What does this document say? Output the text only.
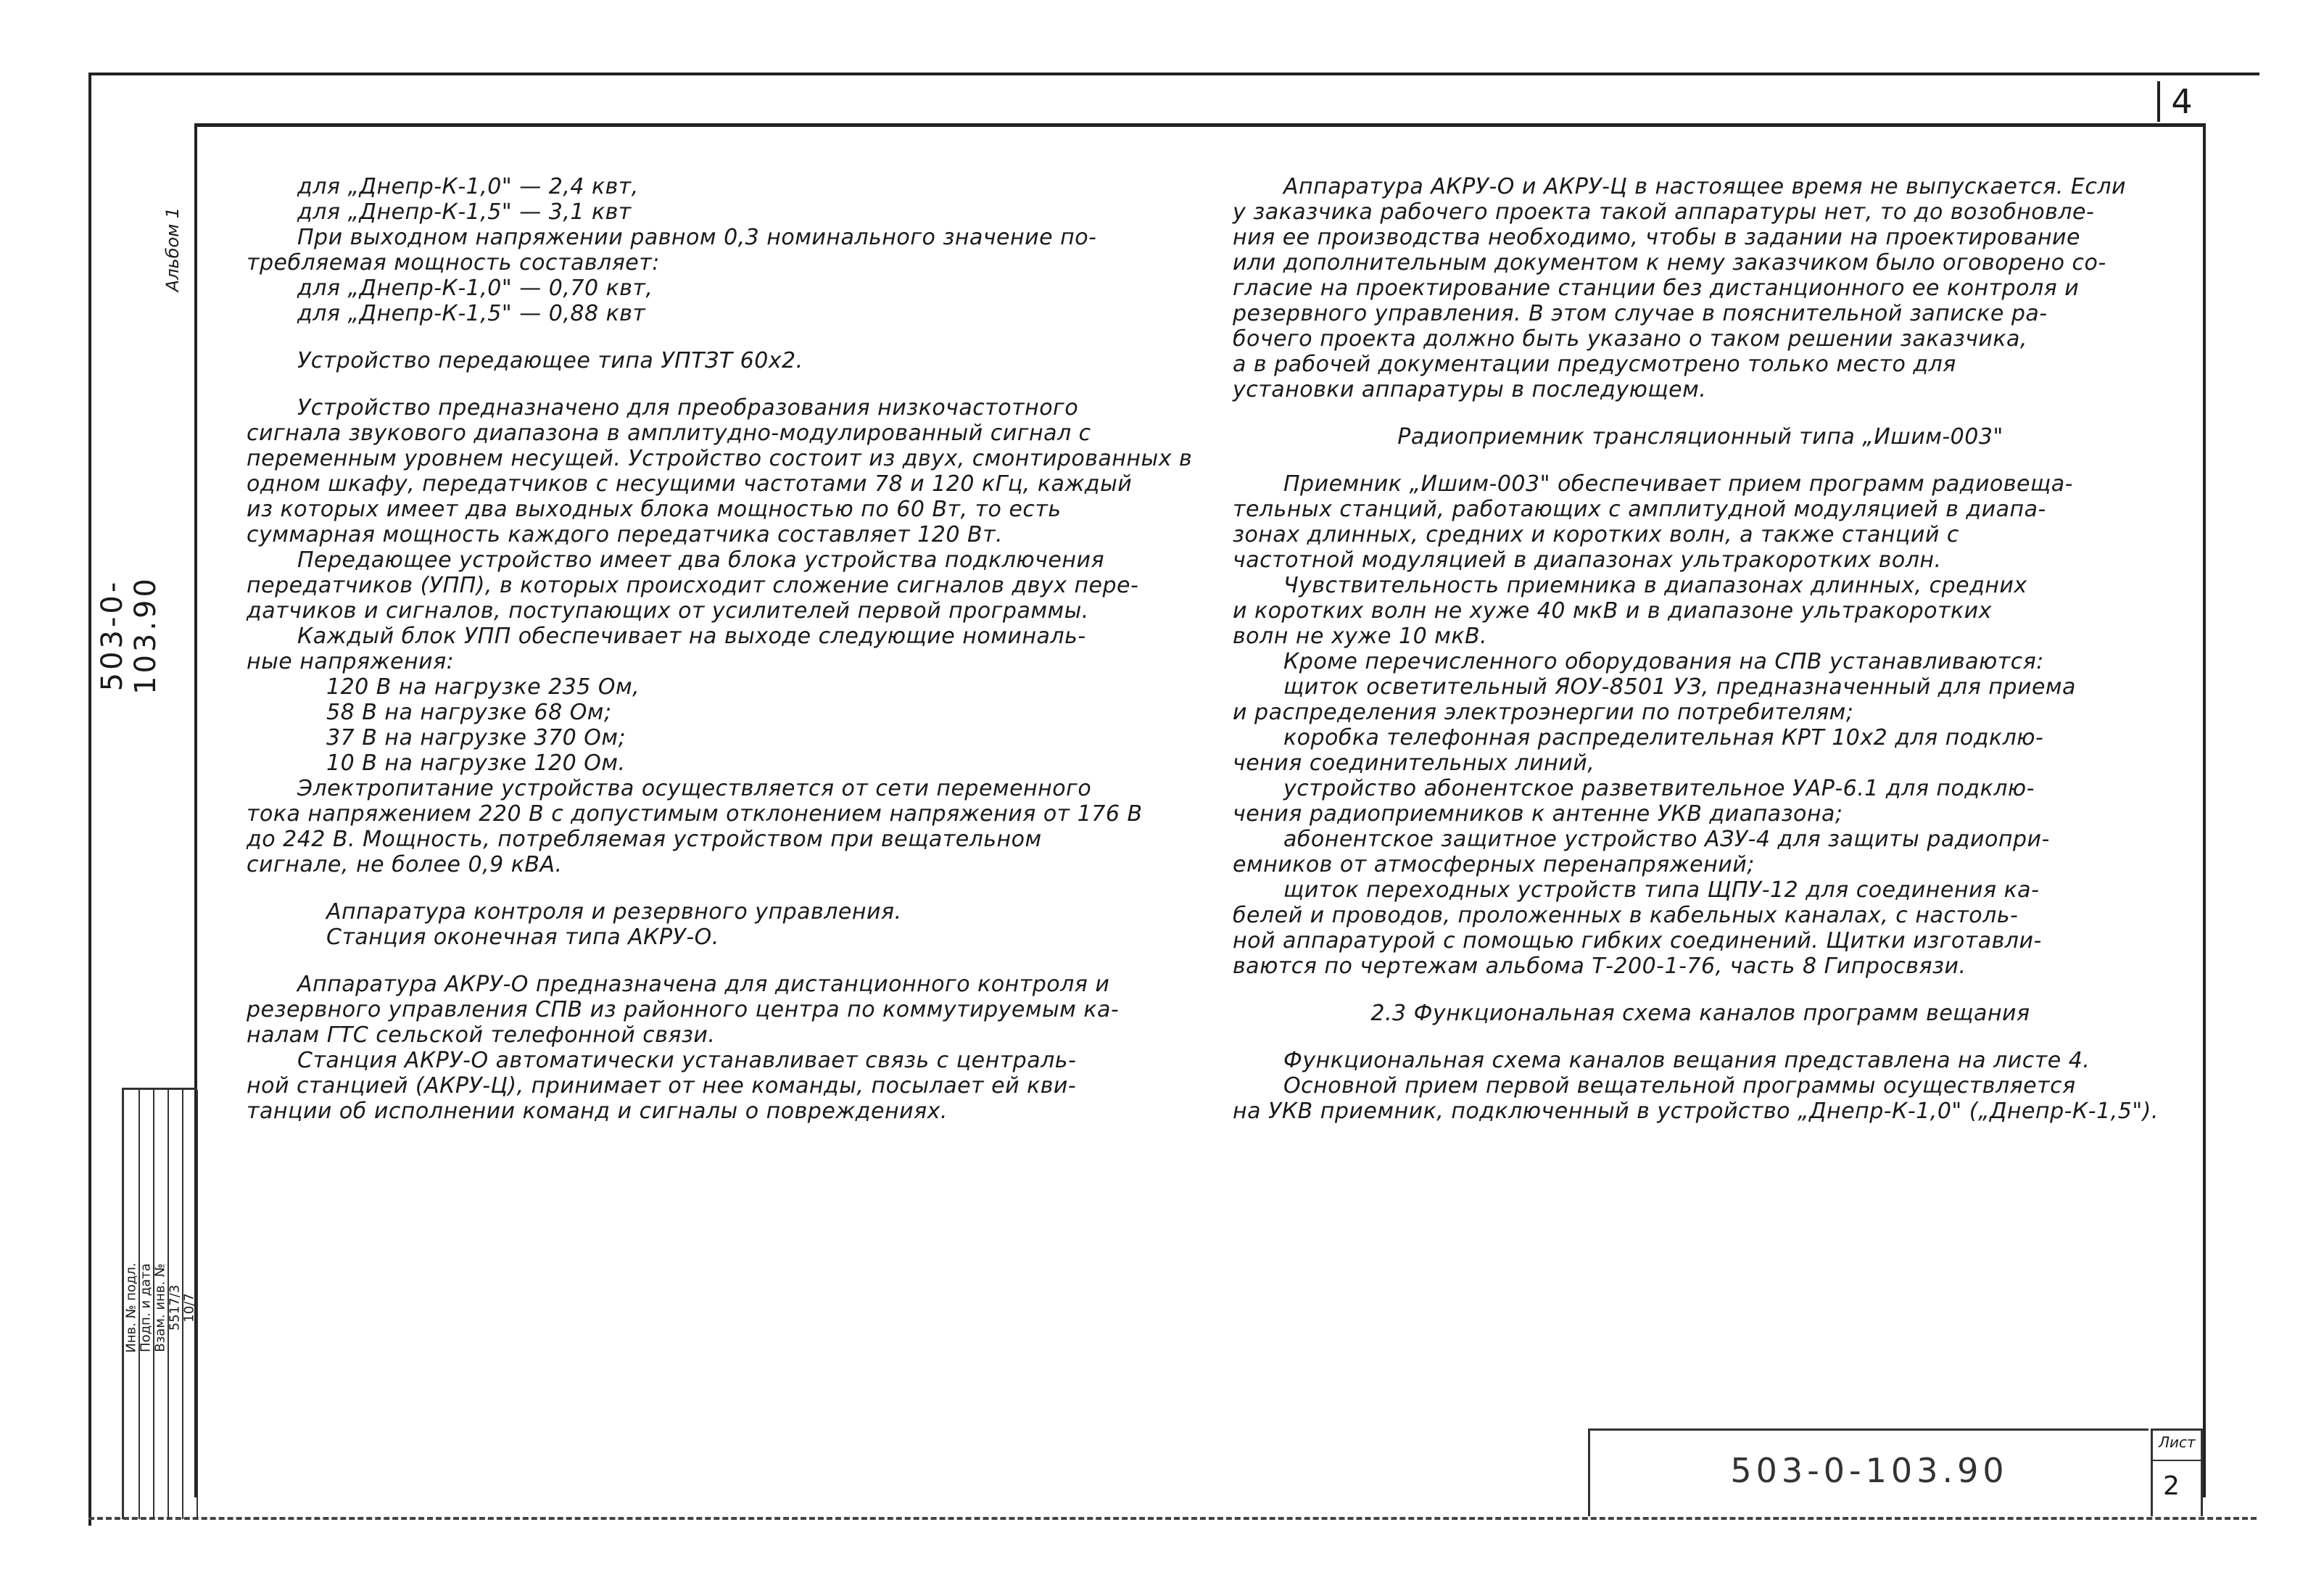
4
Альбом 1
503-0-103.90
Инв. № подл. Подп. и дата Взам. инв. № 5517/3 10/7
для „Днепр-К-1,0" — 2,4 квт,
для „Днепр-К-1,5" — 3,1 квт
При выходном напряжении равном 0,3 номинального значение по-
требляемая мощность составляет:
для „Днепр-К-1,0" — 0,70 квт,
для „Днепр-К-1,5" — 0,88 квт
Устройство передающее типа УПТЗТ 60х2.
Устройство предназначено для преобразования низкочастотного
сигнала звукового диапазона в амплитудно-модулированный сигнал с
переменным уровнем несущей. Устройство состоит из двух, смонтированных в
одном шкафу, передатчиков с несущими частотами 78 и 120 кГц, каждый
из которых имеет два выходных блока мощностью по 60 Вт, то есть
суммарная мощность каждого передатчика составляет 120 Вт.
Передающее устройство имеет два блока устройства подключения
передатчиков (УПП), в которых происходит сложение сигналов двух пере-
датчиков и сигналов, поступающих от усилителей первой программы.
Каждый блок УПП обеспечивает на выходе следующие номиналь-
ные напряжения:
120 В на нагрузке 235 Ом,
58 В на нагрузке 68 Ом;
37 В на нагрузке 370 Ом;
10 В на нагрузке 120 Ом.
Электропитание устройства осуществляется от сети переменного
тока напряжением 220 В с допустимым отклонением напряжения от 176 В
до 242 В. Мощность, потребляемая устройством при вещательном
сигнале, не более 0,9 кВА.
Аппаратура контроля и резервного управления.
Станция оконечная типа АКРУ-О.
Аппаратура АКРУ-О предназначена для дистанционного контроля и
резервного управления СПВ из районного центра по коммутируемым ка-
налам ГТС сельской телефонной связи.
Станция АКРУ-О автоматически устанавливает связь с централь-
ной станцией (АКРУ-Ц), принимает от нее команды, посылает ей кви-
танции об исполнении команд и сигналы о повреждениях.
Аппаратура АКРУ-О и АКРУ-Ц в настоящее время не выпускается. Если
у заказчика рабочего проекта такой аппаратуры нет, то до возобновле-
ния ее производства необходимо, чтобы в задании на проектирование
или дополнительным документом к нему заказчиком было оговорено со-
гласие на проектирование станции без дистанционного ее контроля и
резервного управления. В этом случае в пояснительной записке ра-
бочего проекта должно быть указано о таком решении заказчика,
а в рабочей документации предусмотрено только место для
установки аппаратуры в последующем.
Радиоприемник трансляционный типа „Ишим-003"
Приемник „Ишим-003" обеспечивает прием программ радиовеща-
тельных станций, работающих с амплитудной модуляцией в диапа-
зонах длинных, средних и коротких волн, а также станций с
частотной модуляцией в диапазонах ультракоротких волн.
Чувствительность приемника в диапазонах длинных, средних
и коротких волн не хуже 40 мкВ и в диапазоне ультракоротких
волн не хуже 10 мкВ.
Кроме перечисленного оборудования на СПВ устанавливаются:
щиток осветительный ЯОУ-8501 УЗ, предназначенный для приема
и распределения электроэнергии по потребителям;
коробка телефонная распределительная КРТ 10х2 для подклю-
чения соединительных линий,
устройство абонентское разветвительное УАР-6.1 для подклю-
чения радиоприемников к антенне УКВ диапазона;
абонентское защитное устройство АЗУ-4 для защиты радиопри-
емников от атмосферных перенапряжений;
щиток переходных устройств типа ЩПУ-12 для соединения ка-
белей и проводов, проложенных в кабельных каналах, с настоль-
ной аппаратурой с помощью гибких соединений. Щитки изготавли-
ваются по чертежам альбома Т-200-1-76, часть 8 Гипросвязи.
2.3 Функциональная схема каналов программ вещания
Функциональная схема каналов вещания представлена на листе 4.
Основной прием первой вещательной программы осуществляется
на УКВ приемник, подключенный в устройство „Днепр-К-1,0" („Днепр-К-1,5").
503-0-103.90
Лист
2
